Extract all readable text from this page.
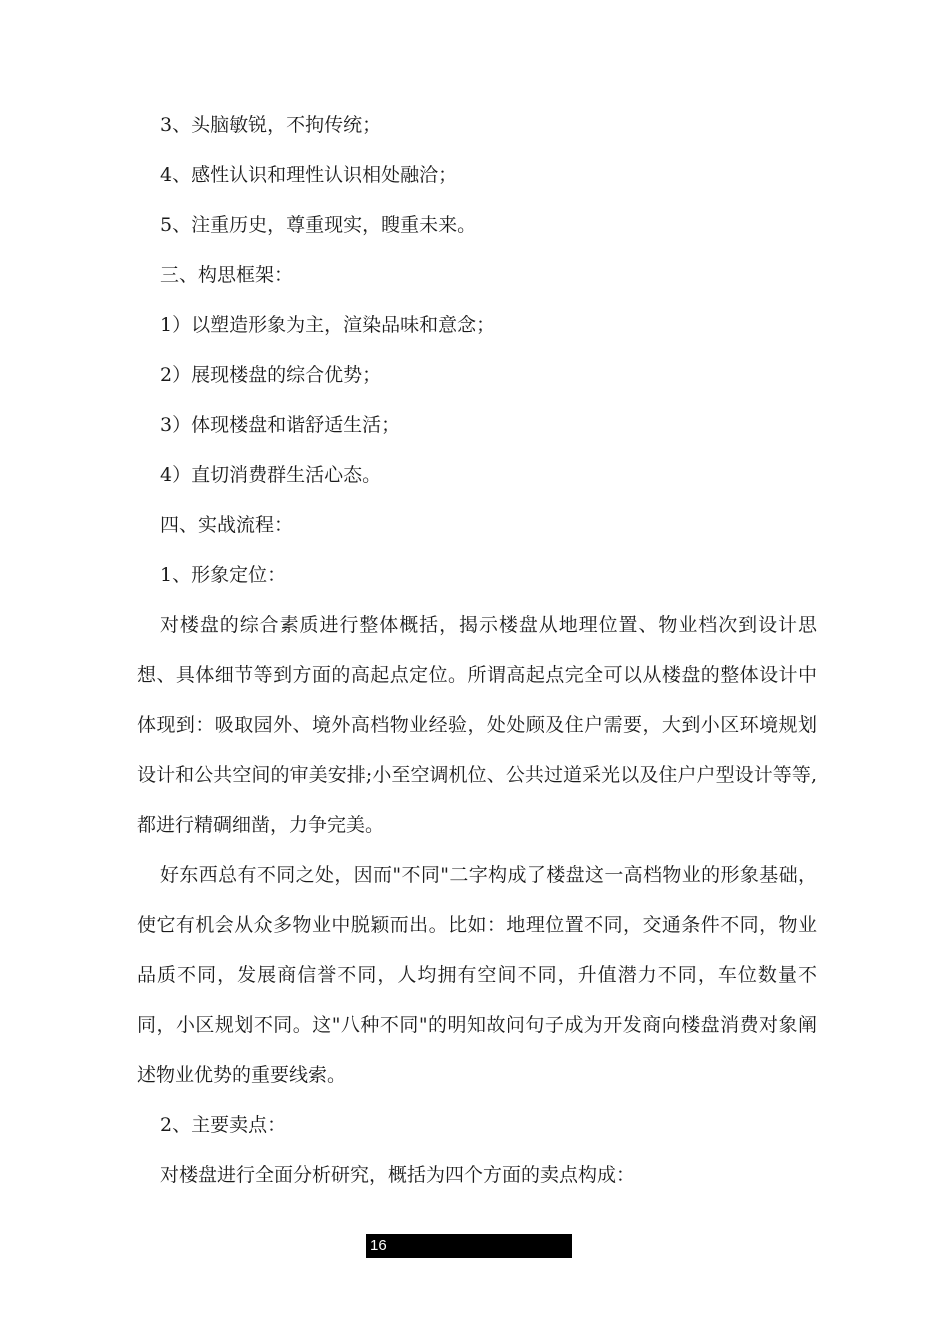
3、头脑敏锐，不拘传统；
4、感性认识和理性认识相处融洽；
5、注重历史，尊重现实，瞍重未来。
三、构思框架：
1）以塑造形象为主，渲染品味和意念；
2）展现楼盘的综合优势；
3）体现楼盘和谐舒适生活；
4）直切消费群生活心态。
四、实战流程：
1、形象定位：

对楼盘的综合素质进行整体概括，揭示楼盘从地理位置、物业档次到设计思想、具体细节等到方面的高起点定位。所谓高起点完全可以从楼盘的整体设计中体现到：吸取园外、境外高档物业经验，处处顾及住户需要，大到小区环境规划设计和公共空间的审美安排;小至空调机位、公共过道采光以及住户户型设计等等,都进行精碉细凿，力争完美。

好东西总有不同之处，因而"不同"二字构成了楼盘这一高档物业的形象基础，使它有机会从众多物业中脱颖而出。比如：地理位置不同，交通条件不同，物业品质不同，发展商信誉不同，人均拥有空间不同，升值潜力不同，车位数量不同，小区规划不同。这"八种不同"的明知故问句子成为开发商向楼盘消费对象阐述物业优势的重要线索。

2、主要卖点：
对楼盘进行全面分析研究，概括为四个方面的卖点构成：
16
